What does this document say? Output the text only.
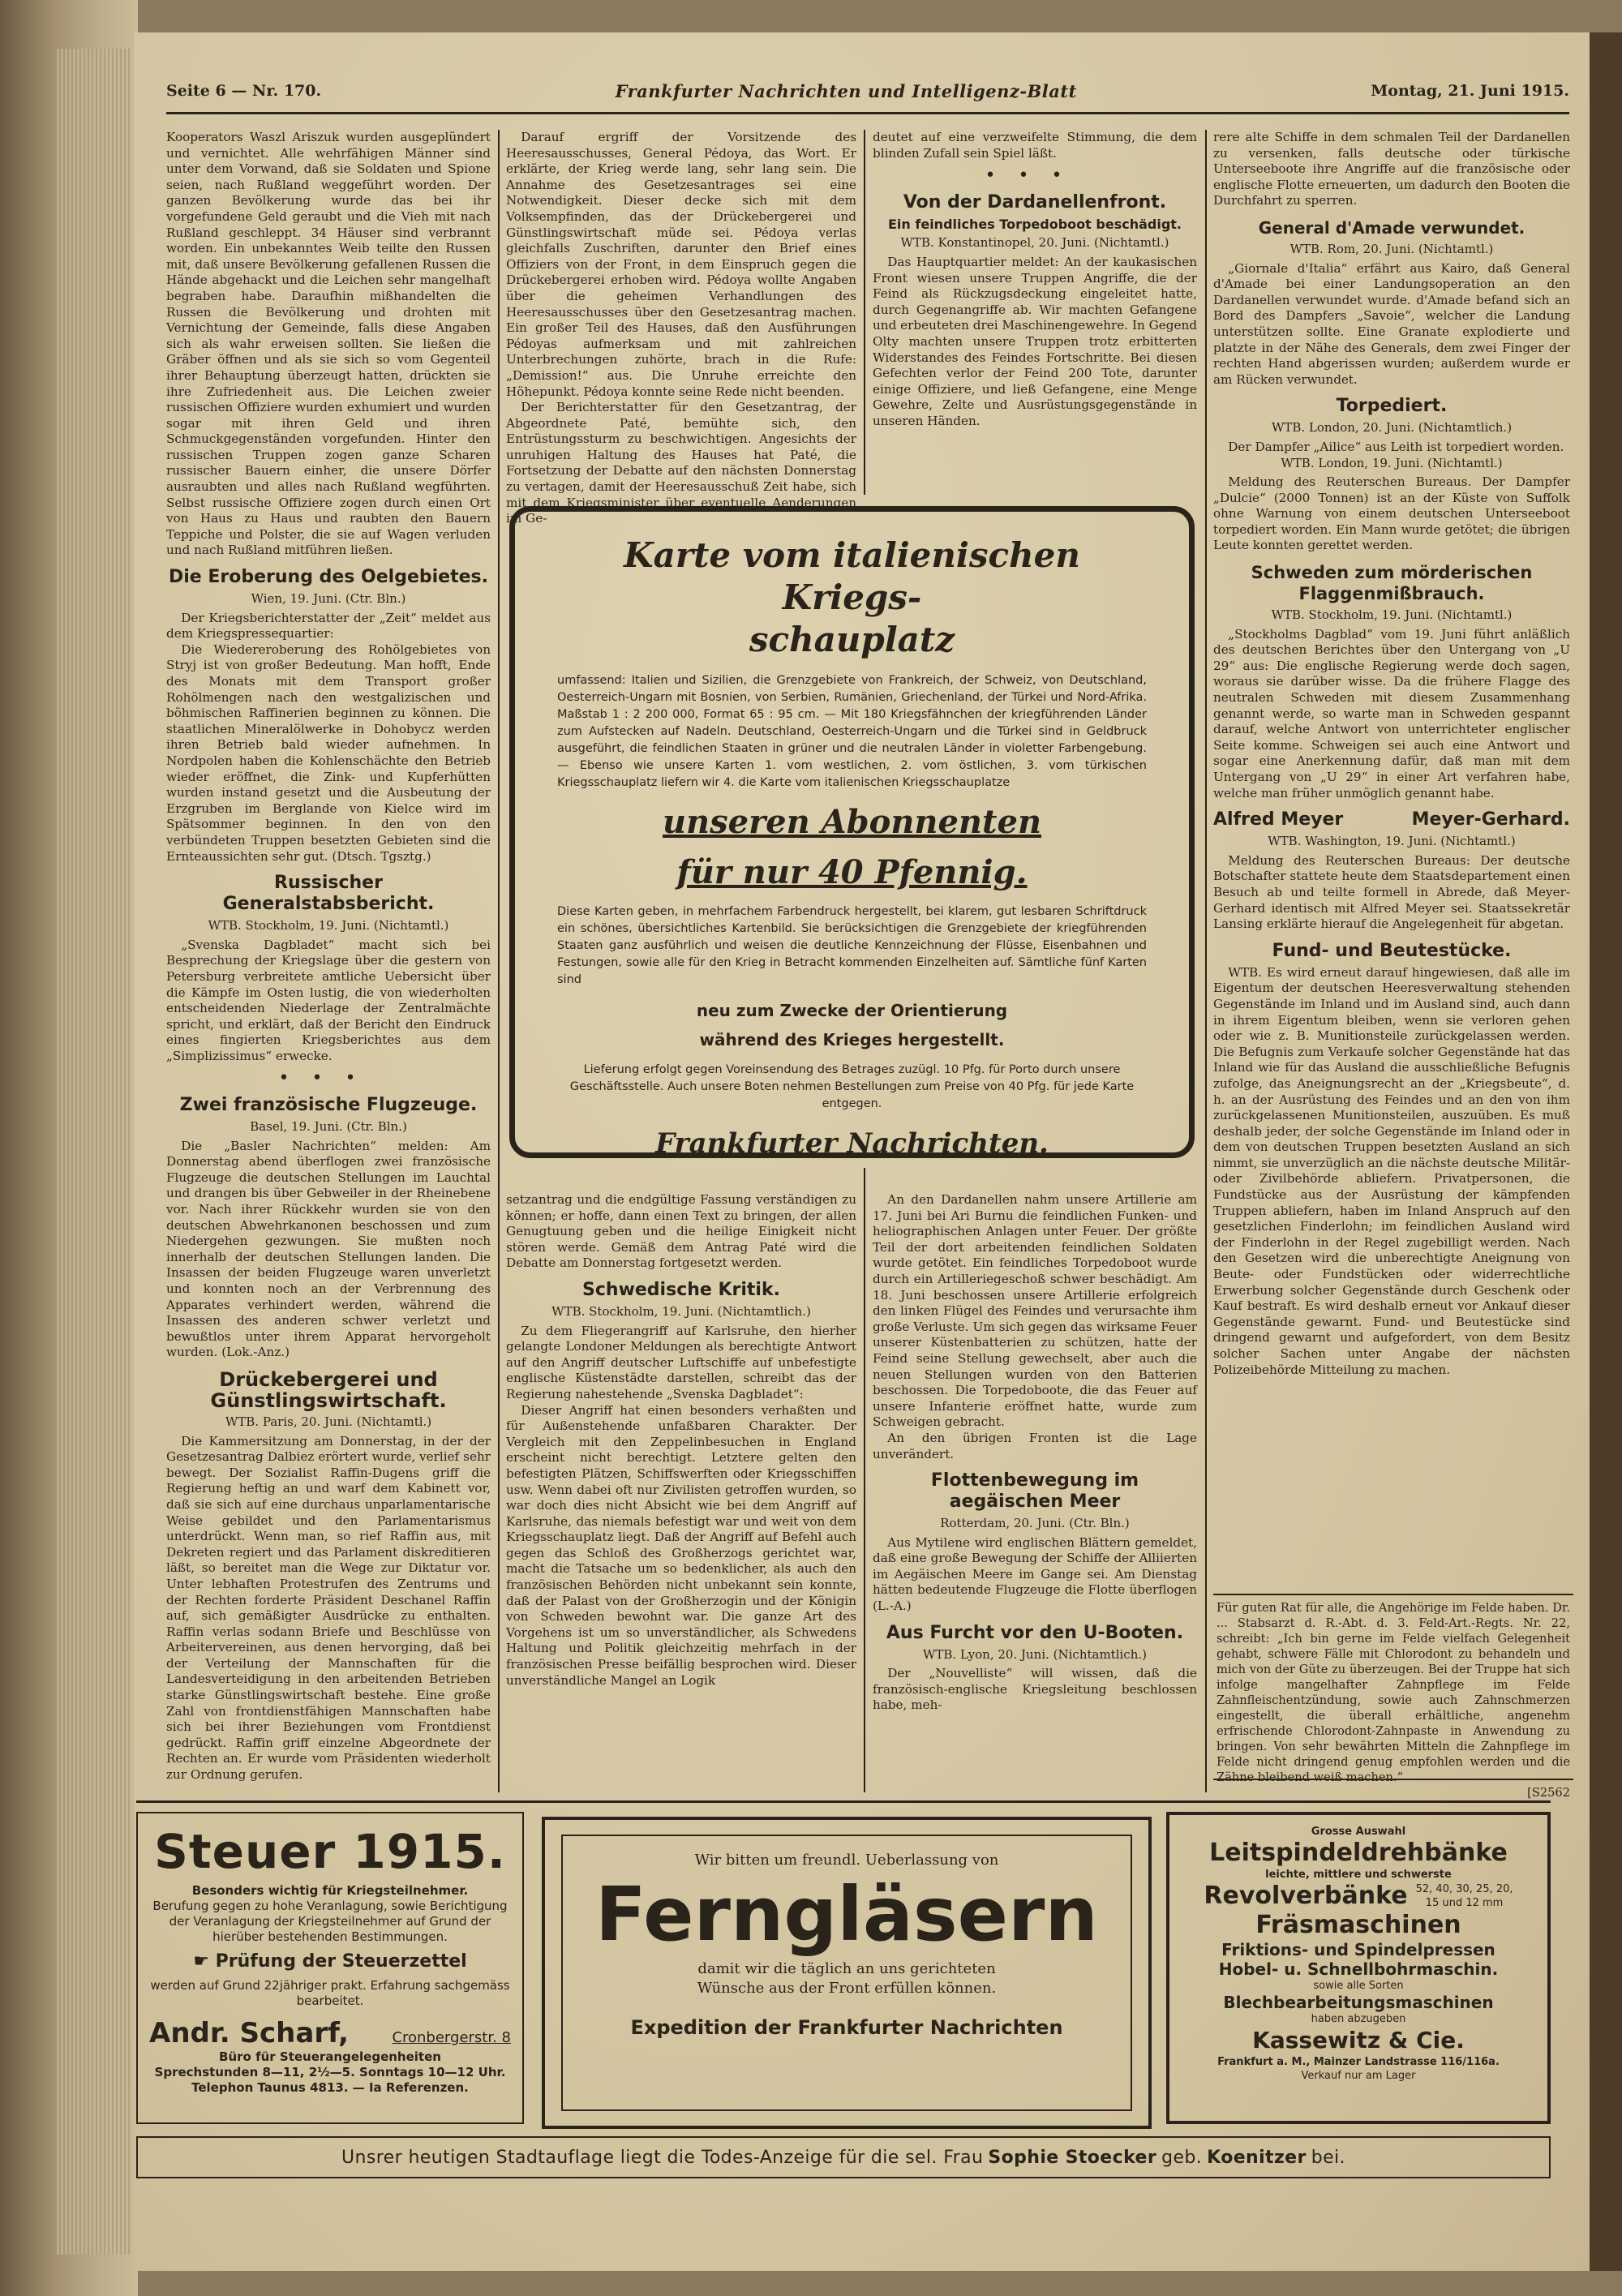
Seite 6 — Nr. 170.	Frankfurter Nachrichten und Intelligenz-Blatt	Montag, 21. Juni 1915.

Kooperators Waszl Ariszuk wurden ausgeplündert und vernichtet. Alle wehrfähigen Männer sind unter dem Vorwand, daß sie Soldaten und Spione seien, nach Rußland weggeführt worden. Der ganzen Bevölkerung wurde das bei ihr vorgefundene Geld geraubt und die Vieh mit nach Rußland geschleppt. 34 Häuser sind verbrannt worden. Ein unbekanntes Weib teilte den Russen mit, daß unsere Bevölkerung gefallenen Russen die Hände abgehackt und die Leichen sehr mangelhaft begraben habe. Daraufhin mißhandelten die Russen die Bevölkerung und drohten mit Vernichtung der Gemeinde, falls diese Angaben sich als wahr erweisen sollten. Sie ließen die Gräber öffnen und als sie sich so vom Gegenteil ihrer Behauptung überzeugt hatten, drückten sie ihre Zufriedenheit aus. Die Leichen zweier russischen Offiziere wurden exhumiert und wurden sogar mit ihren Geld und ihren Schmuckgegenständen vorgefunden. Hinter den russischen Truppen zogen ganze Scharen russischer Bauern einher, die unsere Dörfer ausraubten und alles nach Rußland wegführten. Selbst russische Offiziere zogen durch einen Ort von Haus zu Haus und raubten den Bauern Teppiche und Polster, die sie auf Wagen verluden und nach Rußland mitführen ließen.

Die Eroberung des Oelgebietes.
Wien, 19. Juni. (Ctr. Bln.)

Der Kriegsberichterstatter der „Zeit“ meldet aus dem Kriegspressequartier:

Die Wiedereroberung des Rohölgebietes von Stryj ist von großer Bedeutung. Man hofft, Ende des Monats mit dem Transport großer Rohölmengen nach den westgalizischen und böhmischen Raffinerien beginnen zu können. Die staatlichen Mineralölwerke in Dohobycz werden ihren Betrieb bald wieder aufnehmen. In Nordpolen haben die Kohlenschächte den Betrieb wieder eröffnet, die Zink- und Kupferhütten wurden instand gesetzt und die Ausbeutung der Erzgruben im Berglande von Kielce wird im Spätsommer beginnen. In den von den verbündeten Truppen besetzten Gebieten sind die Ernteaussichten sehr gut. (Dtsch. Tgsztg.)

Russischer Generalstabsbericht.
WTB. Stockholm, 19. Juni. (Nichtamtl.)

„Svenska Dagbladet“ macht sich bei Besprechung der Kriegslage über die gestern von Petersburg verbreitete amtliche Uebersicht über die Kämpfe im Osten lustig, die von wiederholten entscheidenden Niederlage der Zentralmächte spricht, und erklärt, daß der Bericht den Eindruck eines fingierten Kriegsberichtes aus dem „Simplizissimus“ erwecke.

•••
Zwei französische Flugzeuge.
Basel, 19. Juni. (Ctr. Bln.)

Die „Basler Nachrichten“ melden: Am Donnerstag abend überflogen zwei französische Flugzeuge die deutschen Stellungen im Lauchtal und drangen bis über Gebweiler in der Rheinebene vor. Nach ihrer Rückkehr wurden sie von den deutschen Abwehrkanonen beschossen und zum Niedergehen gezwungen. Sie mußten noch innerhalb der deutschen Stellungen landen. Die Insassen der beiden Flugzeuge waren unverletzt und konnten noch an der Verbrennung des Apparates verhindert werden, während die Insassen des anderen schwer verletzt und bewußtlos unter ihrem Apparat hervorgeholt wurden. (Lok.-Anz.)

Drückebergerei und Günstlingswirtschaft.
WTB. Paris, 20. Juni. (Nichtamtl.)

Die Kammersitzung am Donnerstag, in der der Gesetzesantrag Dalbiez erörtert wurde, verlief sehr bewegt. Der Sozialist Raffin-Dugens griff die Regierung heftig an und warf dem Kabinett vor, daß sie sich auf eine durchaus unparlamentarische Weise gebildet und den Parlamentarismus unterdrückt. Wenn man, so rief Raffin aus, mit Dekreten regiert und das Parlament diskreditieren läßt, so bereitet man die Wege zur Diktatur vor. Unter lebhaften Protestrufen des Zentrums und der Rechten forderte Präsident Deschanel Raffin auf, sich gemäßigter Ausdrücke zu enthalten. Raffin verlas sodann Briefe und Beschlüsse von Arbeitervereinen, aus denen hervorging, daß bei der Verteilung der Mannschaften für die Landesverteidigung in den arbeitenden Betrieben starke Günstlingswirtschaft bestehe. Eine große Zahl von frontdienstfähigen Mannschaften habe sich bei ihrer Beziehungen vom Frontdienst gedrückt. Raffin griff einzelne Abgeordnete der Rechten an. Er wurde vom Präsidenten wiederholt zur Ordnung gerufen.

Darauf ergriff der Vorsitzende des Heeresausschusses, General Pédoya, das Wort. Er erklärte, der Krieg werde lang, sehr lang sein. Die Annahme des Gesetzesantrages sei eine Notwendigkeit. Dieser decke sich mit dem Volksempfinden, das der Drückebergerei und Günstlingswirtschaft müde sei. Pédoya verlas gleichfalls Zuschriften, darunter den Brief eines Offiziers von der Front, in dem Einspruch gegen die Drückebergerei erhoben wird. Pédoya wollte Angaben über die geheimen Verhandlungen des Heeresausschusses über den Gesetzesantrag machen. Ein großer Teil des Hauses, daß den Ausführungen Pédoyas aufmerksam und mit zahlreichen Unterbrechungen zuhörte, brach in die Rufe: „Demission!“ aus. Die Unruhe erreichte den Höhepunkt. Pédoya konnte seine Rede nicht beenden.

Der Berichterstatter für den Gesetzantrag, der Abgeordnete Paté, bemühte sich, den Entrüstungssturm zu beschwichtigen. Angesichts der unruhigen Haltung des Hauses hat Paté, die Fortsetzung der Debatte auf den nächsten Donnerstag zu vertagen, damit der Heeresausschuß Zeit habe, sich mit dem Kriegsminister über eventuelle Aenderungen im Ge-

deutet auf eine verzweifelte Stimmung, die dem blinden Zufall sein Spiel läßt.

•••
Von der Dardanellenfront.
Ein feindliches Torpedoboot beschädigt.
WTB. Konstantinopel, 20. Juni. (Nichtamtl.)

Das Hauptquartier meldet: An der kaukasischen Front wiesen unsere Truppen Angriffe, die der Feind als Rückzugsdeckung eingeleitet hatte, durch Gegenangriffe ab. Wir machten Gefangene und erbeuteten drei Maschinengewehre. In Gegend Olty machten unsere Truppen trotz erbitterten Widerstandes des Feindes Fortschritte. Bei diesen Gefechten verlor der Feind 200 Tote, darunter einige Offiziere, und ließ Gefangene, eine Menge Gewehre, Zelte und Ausrüstungsgegenstände in unseren Händen.

Karte vom italienischen Kriegs-
schauplatz
umfassend: Italien und Sizilien, die Grenzgebiete von Frankreich, der Schweiz, von Deutschland, Oesterreich-Ungarn mit Bosnien, von Serbien, Rumänien, Griechenland, der Türkei und Nord-Afrika. Maßstab 1 : 2 200 000, Format 65 : 95 cm. — Mit 180 Kriegsfähnchen der kriegführenden Länder zum Aufstecken auf Nadeln. Deutschland, Oesterreich-Ungarn und die Türkei sind in Geldbruck ausgeführt, die feindlichen Staaten in grüner und die neutralen Länder in violetter Farbengebung. — Ebenso wie unsere Karten 1. vom westlichen, 2. vom östlichen, 3. vom türkischen Kriegsschauplatz liefern wir 4. die Karte vom italienischen Kriegsschauplatze
unseren Abonnenten
für nur 40 Pfennig.
Diese Karten geben, in mehrfachem Farbendruck hergestellt, bei klarem, gut lesbaren Schriftdruck ein schönes, übersichtliches Kartenbild. Sie berücksichtigen die Grenzgebiete der kriegführenden Staaten ganz ausführlich und weisen die deutliche Kennzeichnung der Flüsse, Eisenbahnen und Festungen, sowie alle für den Krieg in Betracht kommenden Einzelheiten auf. Sämtliche fünf Karten sind
neu zum Zwecke der Orientierung
während des Krieges hergestellt.
Lieferung erfolgt gegen Voreinsendung des Betrages zuzügl. 10 Pfg. für Porto durch unsere Geschäftsstelle. Auch unsere Boten nehmen Bestellungen zum Preise von 40 Pfg. für jede Karte entgegen.
Frankfurter Nachrichten.

setzantrag und die endgültige Fassung verständigen zu können; er hoffe, dann einen Text zu bringen, der allen Genugtuung geben und die heilige Einigkeit nicht stören werde. Gemäß dem Antrag Paté wird die Debatte am Donnerstag fortgesetzt werden.

Schwedische Kritik.
WTB. Stockholm, 19. Juni. (Nichtamtlich.)

Zu dem Fliegerangriff auf Karlsruhe, den hierher gelangte Londoner Meldungen als berechtigte Antwort auf den Angriff deutscher Luftschiffe auf unbefestigte englische Küstenstädte darstellen, schreibt das der Regierung nahestehende „Svenska Dagbladet“:

Dieser Angriff hat einen besonders verhaßten und für Außenstehende unfaßbaren Charakter. Der Vergleich mit den Zeppelinbesuchen in England erscheint nicht berechtigt. Letztere gelten den befestigten Plätzen, Schiffswerften oder Kriegsschiffen usw. Wenn dabei oft nur Zivilisten getroffen wurden, so war doch dies nicht Absicht wie bei dem Angriff auf Karlsruhe, das niemals befestigt war und weit von dem Kriegsschauplatz liegt. Daß der Angriff auf Befehl auch gegen das Schloß des Großherzogs gerichtet war, macht die Tatsache um so bedenklicher, als auch den französischen Behörden nicht unbekannt sein konnte, daß der Palast von der Großherzogin und der Königin von Schweden bewohnt war. Die ganze Art des Vorgehens ist um so unverständlicher, als Schwedens Haltung und Politik gleichzeitig mehrfach in der französischen Presse beifällig besprochen wird. Dieser unverständliche Mangel an Logik

An den Dardanellen nahm unsere Artillerie am 17. Juni bei Ari Burnu die feindlichen Funken- und heliographischen Anlagen unter Feuer. Der größte Teil der dort arbeitenden feindlichen Soldaten wurde getötet. Ein feindliches Torpedoboot wurde durch ein Artilleriegeschoß schwer beschädigt. Am 18. Juni beschossen unsere Artillerie erfolgreich den linken Flügel des Feindes und verursachte ihm große Verluste. Um sich gegen das wirksame Feuer unserer Küstenbatterien zu schützen, hatte der Feind seine Stellung gewechselt, aber auch die neuen Stellungen wurden von den Batterien beschossen. Die Torpedoboote, die das Feuer auf unsere Infanterie eröffnet hatte, wurde zum Schweigen gebracht.

An den übrigen Fronten ist die Lage unverändert.

Flottenbewegung im aegäischen Meer
Rotterdam, 20. Juni. (Ctr. Bln.)

Aus Mytilene wird englischen Blättern gemeldet, daß eine große Bewegung der Schiffe der Alliierten im Aegäischen Meere im Gange sei. Am Dienstag hätten bedeutende Flugzeuge die Flotte überflogen (L.-A.)

Aus Furcht vor den U-Booten.
WTB. Lyon, 20. Juni. (Nichtamtlich.)

Der „Nouvelliste“ will wissen, daß die französisch-englische Kriegsleitung beschlossen habe, meh-

rere alte Schiffe in dem schmalen Teil der Dardanellen zu versenken, falls deutsche oder türkische Unterseeboote ihre Angriffe auf die französische oder englische Flotte erneuerten, um dadurch den Booten die Durchfahrt zu sperren.

General d'Amade verwundet.
WTB. Rom, 20. Juni. (Nichtamtl.)

„Giornale d'Italia“ erfährt aus Kairo, daß General d'Amade bei einer Landungsoperation an den Dardanellen verwundet wurde. d'Amade befand sich an Bord des Dampfers „Savoie“, welcher die Landung unterstützen sollte. Eine Granate explodierte und platzte in der Nähe des Generals, dem zwei Finger der rechten Hand abgerissen wurden; außerdem wurde er am Rücken verwundet.

Torpediert.
WTB. London, 20. Juni. (Nichtamtlich.)

Der Dampfer „Ailice“ aus Leith ist torpediert worden.

WTB. London, 19. Juni. (Nichtamtl.)

Meldung des Reuterschen Bureaus. Der Dampfer „Dulcie“ (2000 Tonnen) ist an der Küste von Suffolk ohne Warnung von einem deutschen Unterseeboot torpediert worden. Ein Mann wurde getötet; die übrigen Leute konnten gerettet werden.

Schweden zum mörderischen Flaggenmißbrauch.
WTB. Stockholm, 19. Juni. (Nichtamtl.)

„Stockholms Dagblad“ vom 19. Juni führt anläßlich des deutschen Berichtes über den Untergang von „U 29“ aus: Die englische Regierung werde doch sagen, woraus sie darüber wisse. Da die frühere Flagge des neutralen Schweden mit diesem Zusammenhang genannt werde, so warte man in Schweden gespannt darauf, welche Antwort von unterrichteter englischer Seite komme. Schweigen sei auch eine Antwort und sogar eine Anerkennung dafür, daß man mit dem Untergang von „U 29“ in einer Art verfahren habe, welche man früher unmöglich genannt habe.

Alfred Meyer	Meyer-Gerhard.
WTB. Washington, 19. Juni. (Nichtamtl.)

Meldung des Reuterschen Bureaus: Der deutsche Botschafter stattete heute dem Staatsdepartement einen Besuch ab und teilte formell in Abrede, daß Meyer-Gerhard identisch mit Alfred Meyer sei. Staatssekretär Lansing erklärte hierauf die Angelegenheit für abgetan.

Fund- und Beutestücke.

WTB. Es wird erneut darauf hingewiesen, daß alle im Eigentum der deutschen Heeresverwaltung stehenden Gegenstände im Inland und im Ausland sind, auch dann in ihrem Eigentum bleiben, wenn sie verloren gehen oder wie z. B. Munitionsteile zurückgelassen werden. Die Befugnis zum Verkaufe solcher Gegenstände hat das Inland wie für das Ausland die ausschließliche Befugnis zufolge, das Aneignungsrecht an der „Kriegsbeute“, d. h. an der Ausrüstung des Feindes und an den von ihm zurückgelassenen Munitionsteilen, auszuüben. Es muß deshalb jeder, der solche Gegenstände im Inland oder in dem von deutschen Truppen besetzten Ausland an sich nimmt, sie unverzüglich an die nächste deutsche Militär- oder Zivilbehörde abliefern. Privatpersonen, die Fundstücke aus der Ausrüstung der kämpfenden Truppen abliefern, haben im Inland Anspruch auf den gesetzlichen Finderlohn; im feindlichen Ausland wird der Finderlohn in der Regel zugebilligt werden. Nach den Gesetzen wird die unberechtigte Aneignung von Beute- oder Fundstücken oder widerrechtliche Erwerbung solcher Gegenstände durch Geschenk oder Kauf bestraft. Es wird deshalb erneut vor Ankauf dieser Gegenstände gewarnt. Fund- und Beutestücke sind dringend gewarnt und aufgefordert, von dem Besitz solcher Sachen unter Angabe der nächsten Polizeibehörde Mitteilung zu machen.

Für guten Rat für alle, die Angehörige im Felde haben. Dr. ... Stabsarzt d. R.-Abt. d. 3. Feld-Art.-Regts. Nr. 22, schreibt: „Ich bin gerne im Felde vielfach Gelegenheit gehabt, schwere Fälle mit Chlorodont zu behandeln und mich von der Güte zu überzeugen. Bei der Truppe hat sich infolge mangelhafter Zahnpflege im Felde Zahnfleischentzündung, sowie auch Zahnschmerzen eingestellt, die überall erhältliche, angenehm erfrischende Chlorodont-Zahnpaste in Anwendung zu bringen. Von sehr bewährten Mitteln die Zahnpflege im Felde nicht dringend genug empfohlen werden und die Zähne bleibend weiß machen.“
[S2562
Steuer 1915.
Besonders wichtig für Kriegsteilnehmer.
Berufung gegen zu hohe Veranlagung, sowie Berichtigung der Veranlagung der Kriegsteilnehmer auf Grund der hierüber bestehenden Bestimmungen.
☛ Prüfung der Steuerzettel
werden auf Grund 22jähriger prakt. Erfahrung sachgemäss bearbeitet.
Andr. Scharf,	Cronbergerstr. 8
Büro für Steuerangelegenheiten
Sprechstunden 8—11, 2½—5. Sonntags 10—12 Uhr.
Telephon Taunus 4813. — Ia Referenzen.
Wir bitten um freundl. Ueberlassung von
Ferngläsern
damit wir die täglich an uns gerichteten
Wünsche aus der Front erfüllen können.
Expedition der Frankfurter Nachrichten
Grosse Auswahl
Leitspindeldrehbänke
leichte, mittlere und schwerste
Revolverbänke 52, 40, 30, 25, 20, 15 und 12 mm
Fräsmaschinen
Friktions- und Spindelpressen
Hobel- u. Schnellbohrmaschin.
sowie alle Sorten
Blechbearbeitungsmaschinen
haben abzugeben
Kassewitz & Cie.
Frankfurt a. M., Mainzer Landstrasse 116/116a.
Verkauf nur am Lager
Unsrer heutigen Stadtauflage liegt die Todes-Anzeige für die sel. Frau Sophie Stoecker geb. Koenitzer bei.
